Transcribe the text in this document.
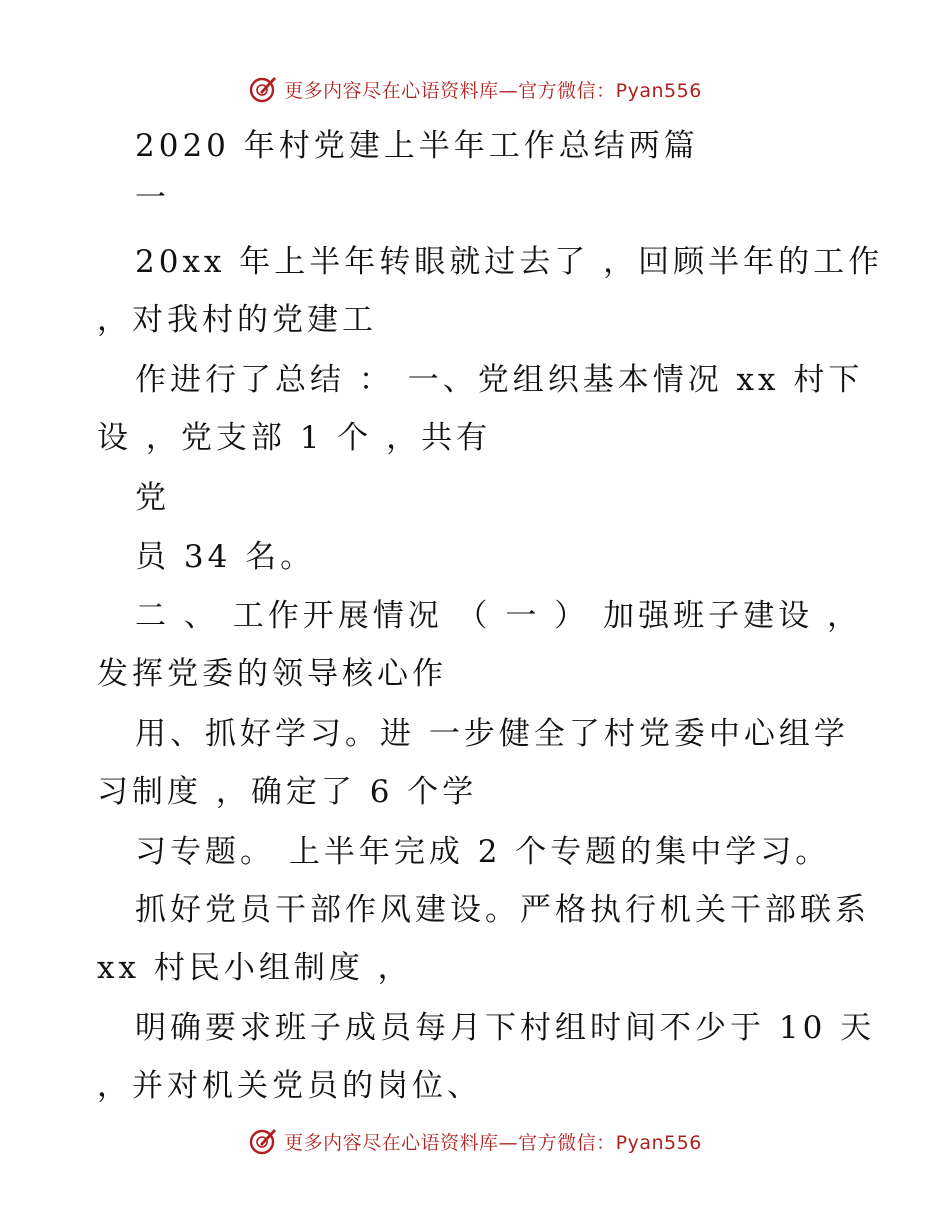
更多内容尽在心语资料库—官方微信：Pyan556
2020 年村党建上半年工作总结两篇
一
20xx 年上半年转眼就过去了 ，回顾半年的工作
，对我村的党建工
作进行了总结 ： 一、党组织基本情况 xx 村下
设 ，党支部 1 个 ，共有
党
员 34 名。
二 、 工作开展情况 （ 一 ） 加强班子建设 ，
发挥党委的领导核心作
用、抓好学习。进 一步健全了村党委中心组学
习制度 ，确定了 6 个学
习专题。 上半年完成 2 个专题的集中学习。
抓好党员干部作风建设。严格执行机关干部联系
xx 村民小组制度 ，
明确要求班子成员每月下村组时间不少于 10 天
，并对机关党员的岗位、
更多内容尽在心语资料库—官方微信：Pyan556
